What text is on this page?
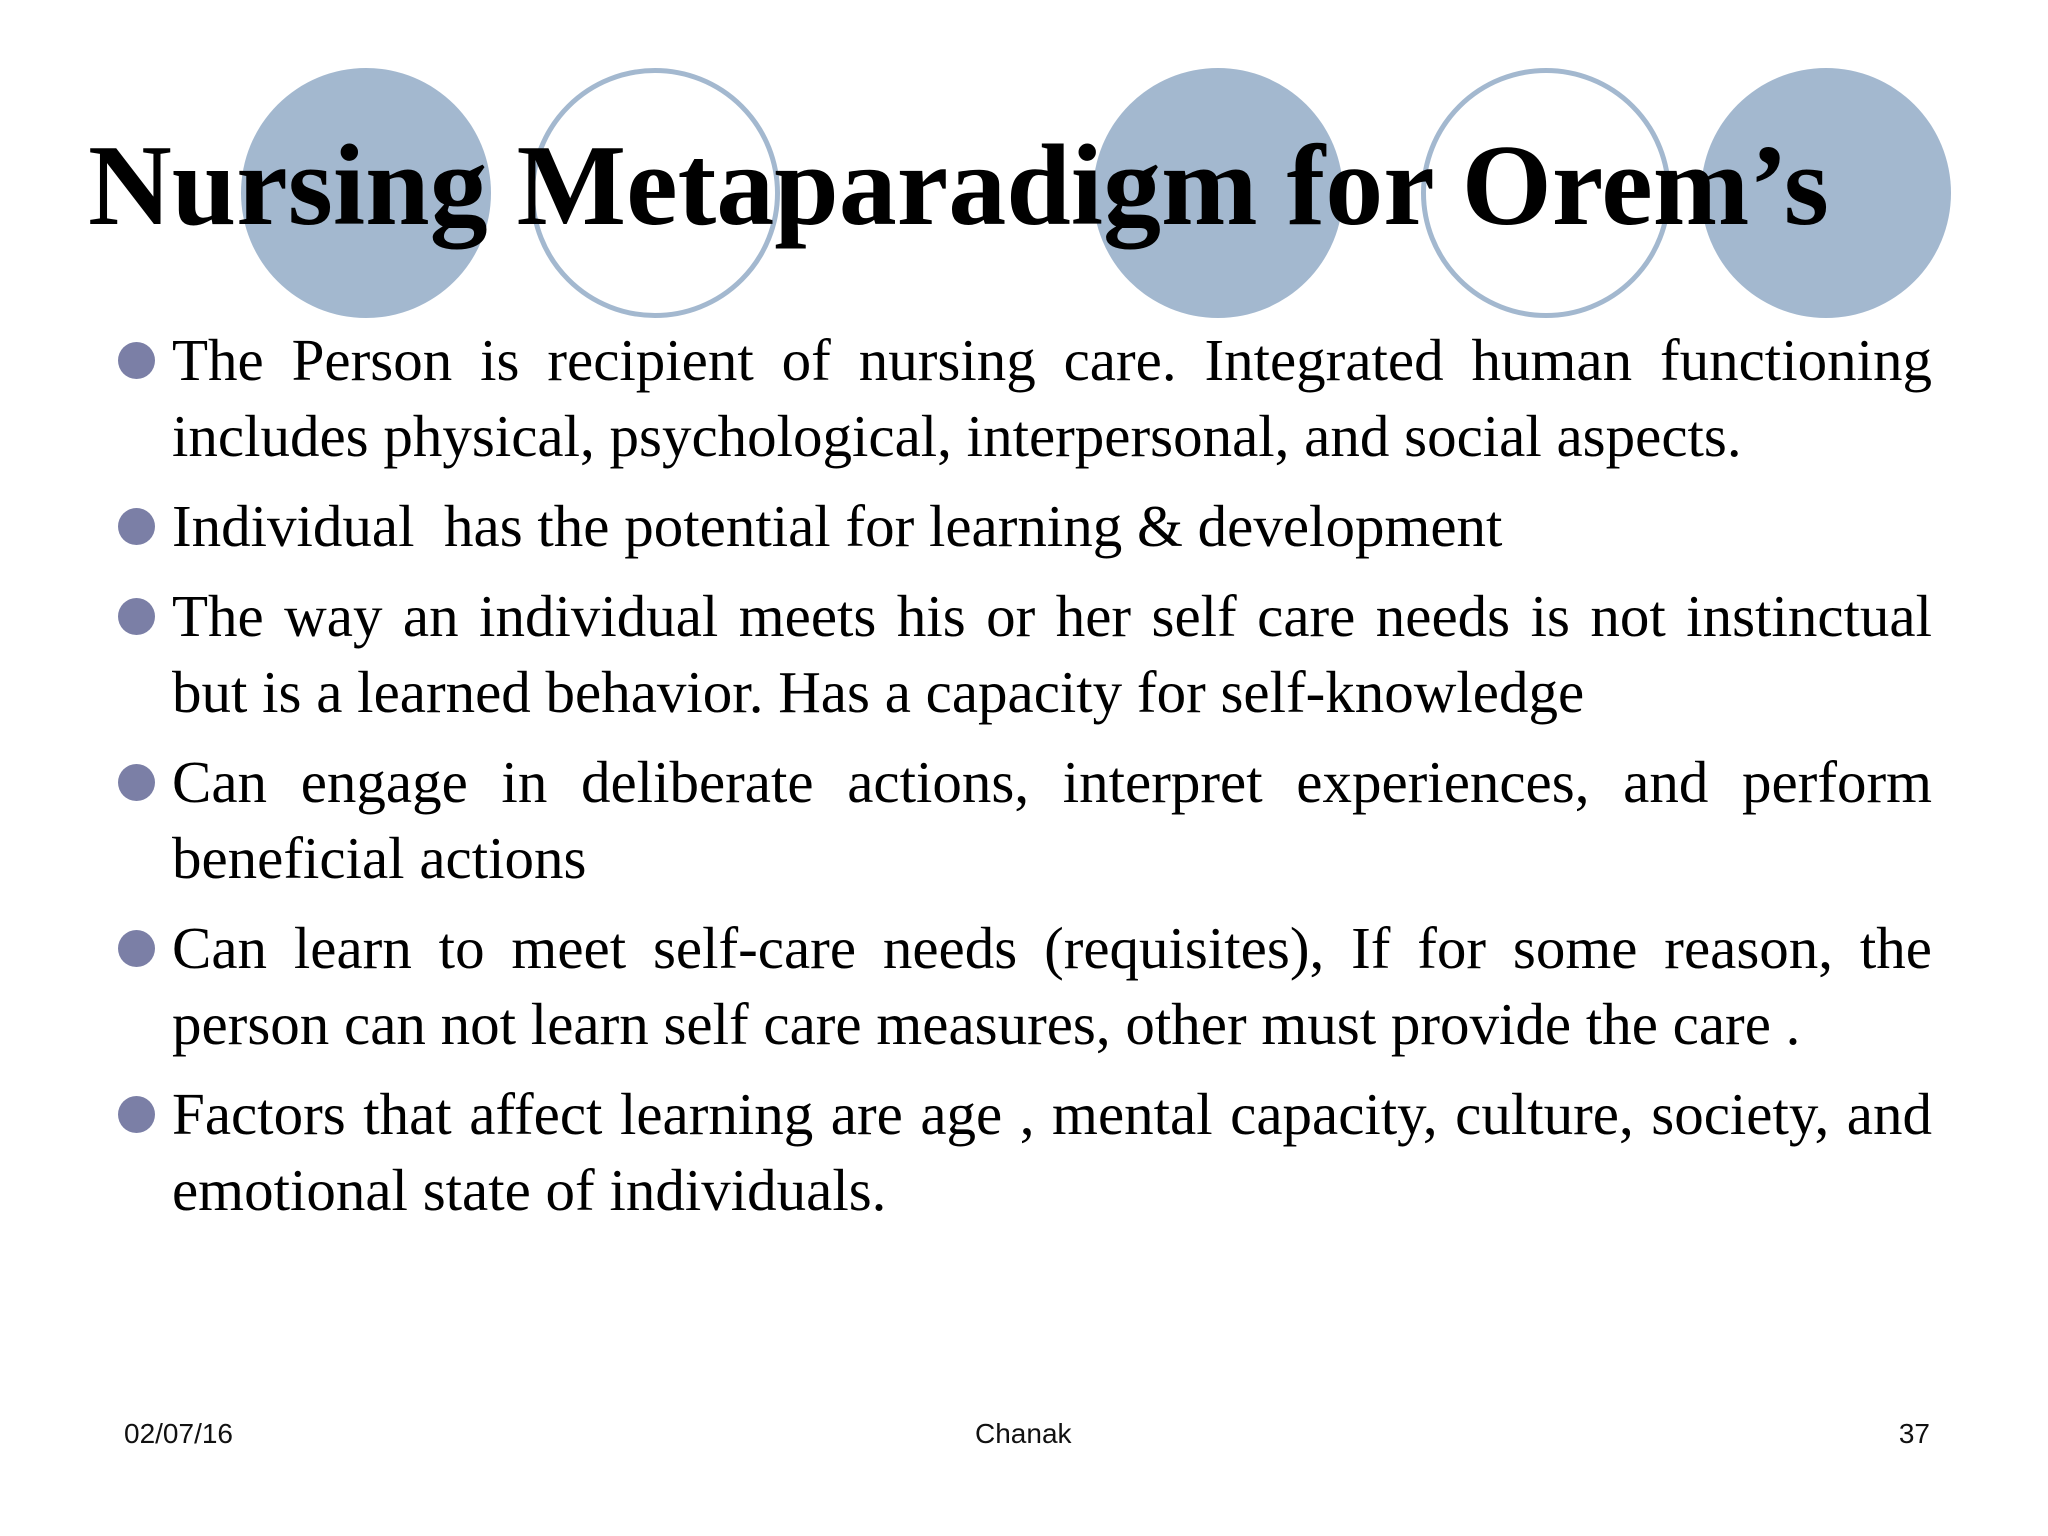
Nursing Metaparadigm for Orem’s
The Person is recipient of nursing care. Integrated human functioning includes physical, psychological, interpersonal, and social aspects.
Individual  has the potential for learning & development
The way an individual meets his or her self care needs is not instinctual but is a learned behavior. Has a capacity for self-knowledge
Can engage in deliberate actions, interpret experiences, and perform beneficial actions
Can learn to meet self-care needs (requisites), If for some reason, the person can not learn self care measures, other must provide the care .
Factors that affect learning are age , mental capacity, culture, society, and emotional state of individuals.
02/07/16	Chanak	37
